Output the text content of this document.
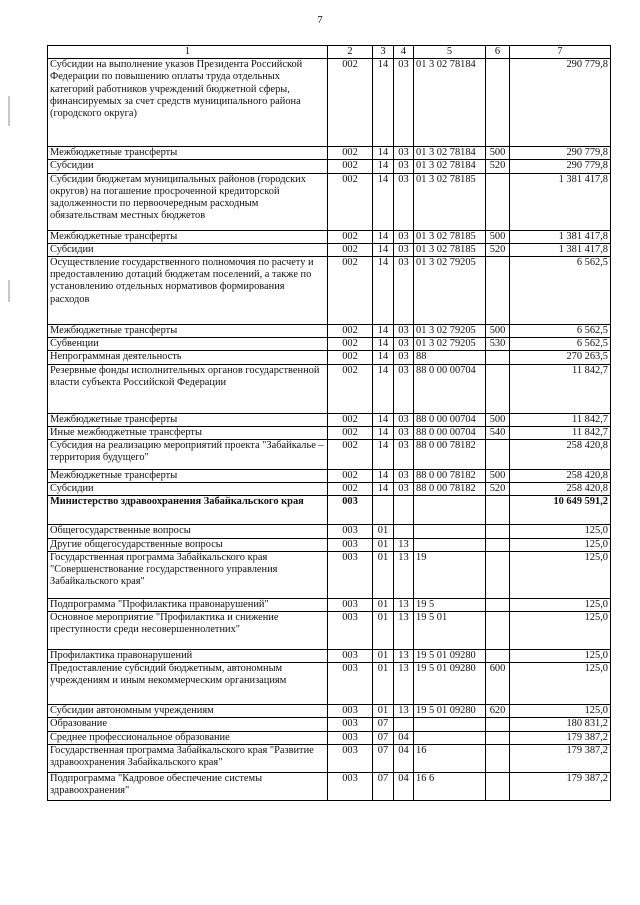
7
1	2	3	4	5	6	7
Субсидии на выполнение указов Президента Российской Федерации по повышению оплаты труда отдельных категорий работников учреждений бюджетной сферы, финансируемых за счет средств муниципального района (городского округа)	002	14	03	01 3 02 78184		290 779,8
Межбюджетные трансферты	002	14	03	01 3 02 78184	500	290 779,8
Субсидии	002	14	03	01 3 02 78184	520	290 779,8
Субсидии бюджетам муниципальных районов (городских округов) на погашение просроченной кредиторской задолженности по первоочередным расходным обязательствам местных бюджетов	002	14	03	01 3 02 78185		1 381 417,8
Межбюджетные трансферты	002	14	03	01 3 02 78185	500	1 381 417,8
Субсидии	002	14	03	01 3 02 78185	520	1 381 417,8
Осуществление государственного полномочия по расчету и предоставлению дотаций бюджетам поселений, а также по установлению отдельных нормативов формирования расходов	002	14	03	01 3 02 79205		6 562,5
Межбюджетные трансферты	002	14	03	01 3 02 79205	500	6 562,5
Субвенции	002	14	03	01 3 02 79205	530	6 562,5
Непрограммная деятельность	002	14	03	88		270 263,5
Резервные фонды исполнительных органов государственной власти субъекта Российской Федерации	002	14	03	88 0 00 00704		11 842,7
Межбюджетные трансферты	002	14	03	88 0 00 00704	500	11 842,7
Иные межбюджетные трансферты	002	14	03	88 0 00 00704	540	11 842,7
Субсидия на реализацию мероприятий проекта "Забайкалье – территория будущего"	002	14	03	88 0 00 78182		258 420,8
Межбюджетные трансферты	002	14	03	88 0 00 78182	500	258 420,8
Субсидии	002	14	03	88 0 00 78182	520	258 420,8
Министерство здравоохранения Забайкальского края	003					10 649 591,2
Общегосударственные вопросы	003	01				125,0
Другие общегосударственные вопросы	003	01	13			125,0
Государственная программа Забайкальского края "Совершенствование государственного управления Забайкальского края"	003	01	13	19		125,0
Подпрограмма "Профилактика правонарушений"	003	01	13	19 5		125,0
Основное мероприятие "Профилактика и снижение преступности среди несовершеннолетних"	003	01	13	19 5 01		125,0
Профилактика правонарушений	003	01	13	19 5 01 09280		125,0
Предоставление субсидий бюджетным, автономным учреждениям и иным некоммерческим организациям	003	01	13	19 5 01 09280	600	125,0
Субсидии автономным учреждениям	003	01	13	19 5 01 09280	620	125,0
Образование	003	07				180 831,2
Среднее профессиональное образование	003	07	04			179 387,2
Государственная программа Забайкальского края "Развитие здравоохранения Забайкальского края"	003	07	04	16		179 387,2
Подпрограмма "Кадровое обеспечение системы здравоохранения"	003	07	04	16 6		179 387,2
